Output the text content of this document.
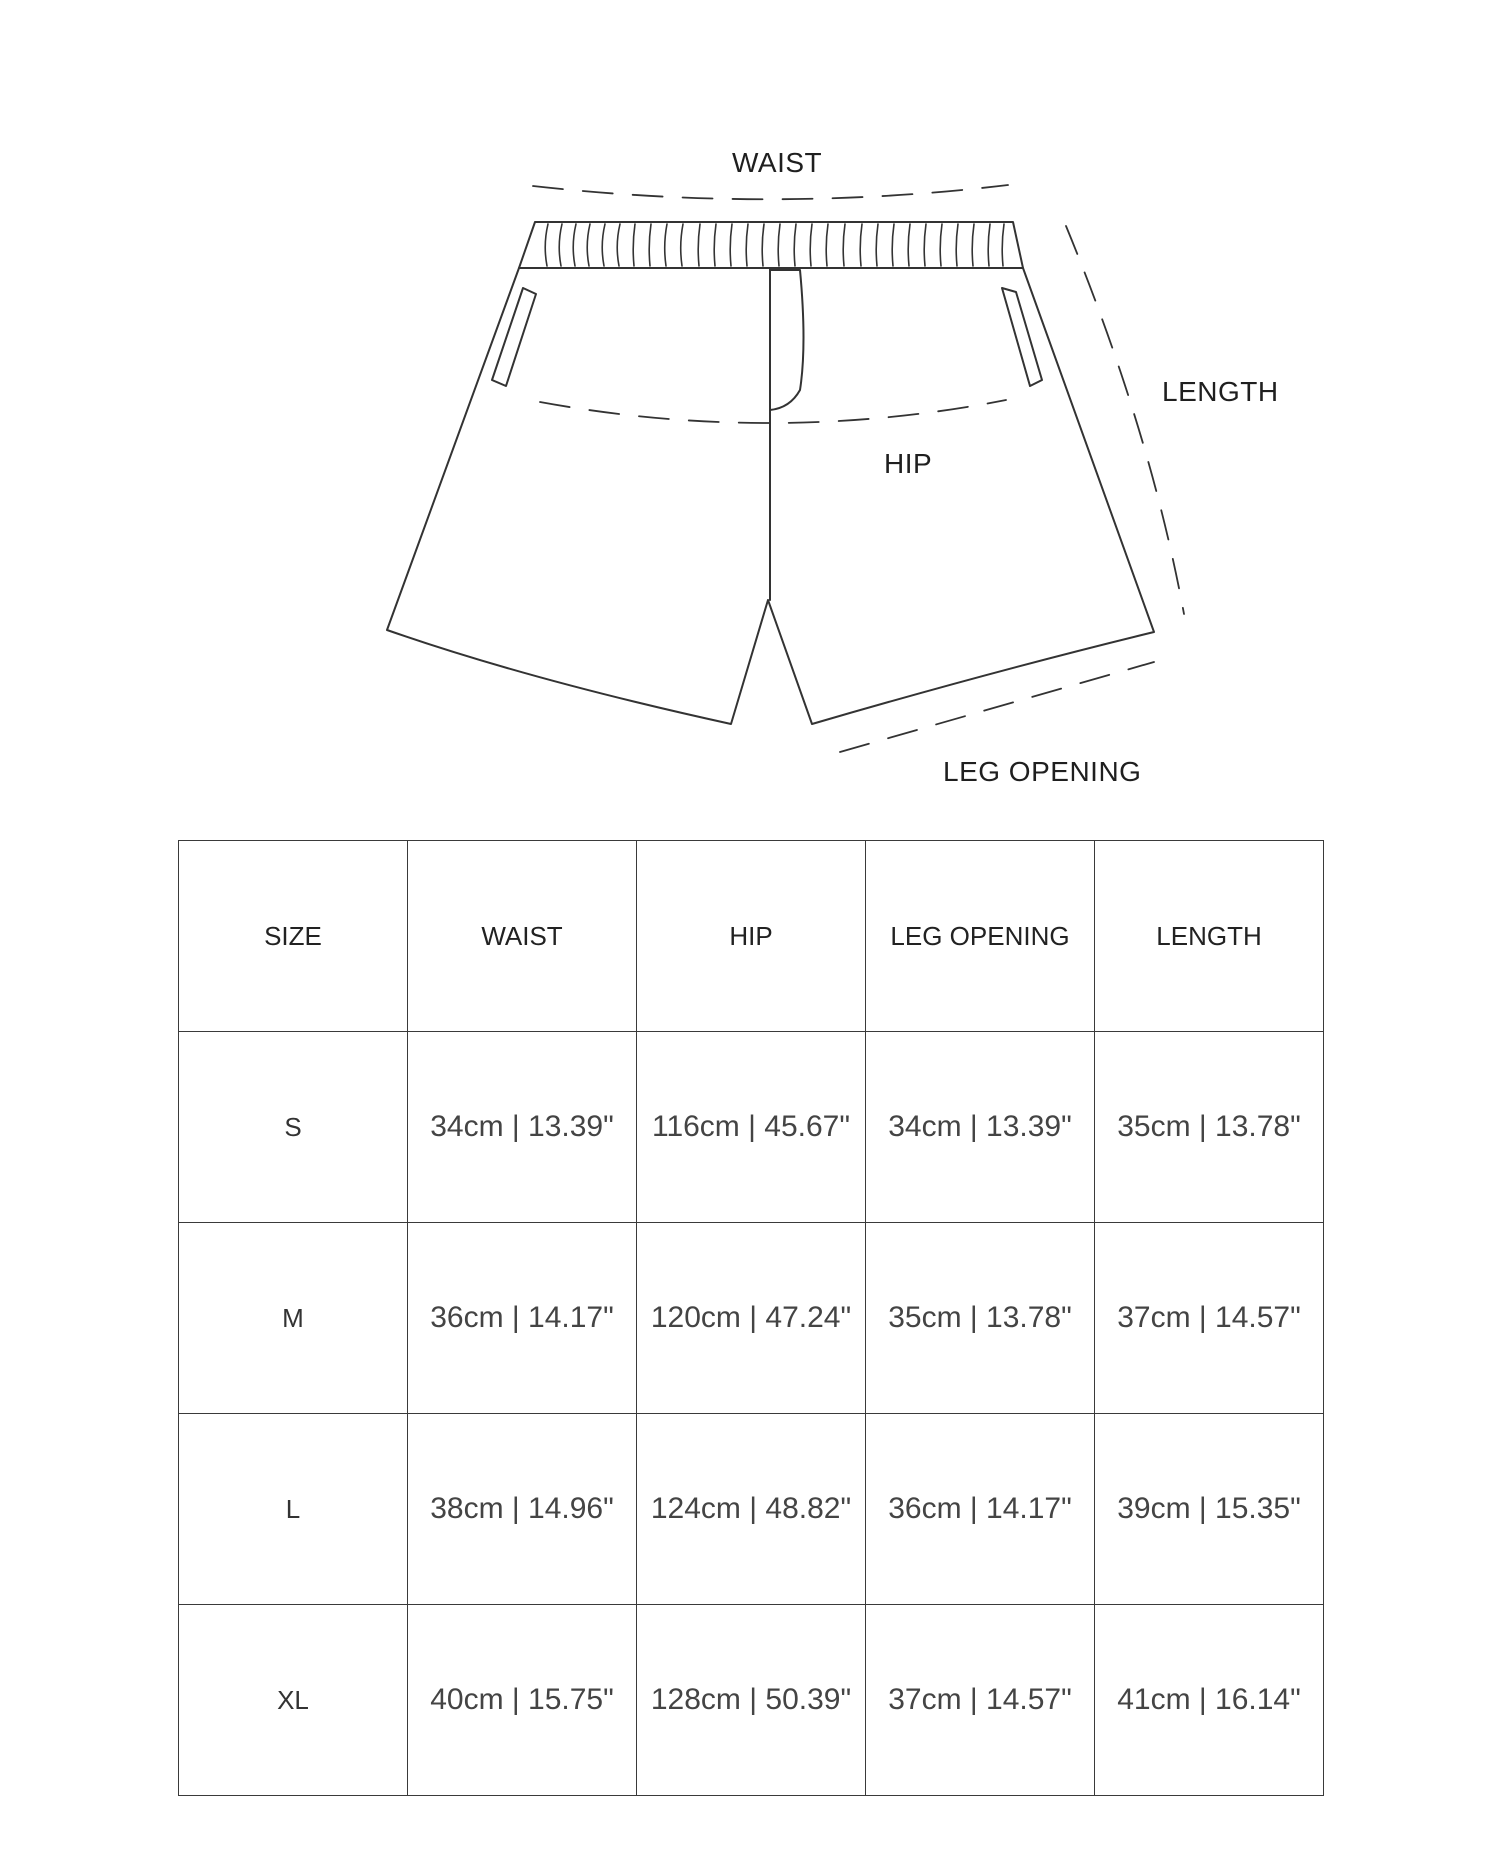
WAIST
LENGTH
HIP
LEG OPENING
SIZE	WAIST	HIP	LEG OPENING	LENGTH
S	34cm | 13.39"	116cm | 45.67"	34cm | 13.39"	35cm | 13.78"
M	36cm | 14.17"	120cm | 47.24"	35cm | 13.78"	37cm | 14.57"
L	38cm | 14.96"	124cm | 48.82"	36cm | 14.17"	39cm | 15.35"
XL	40cm | 15.75"	128cm | 50.39"	37cm | 14.57"	41cm | 16.14"
